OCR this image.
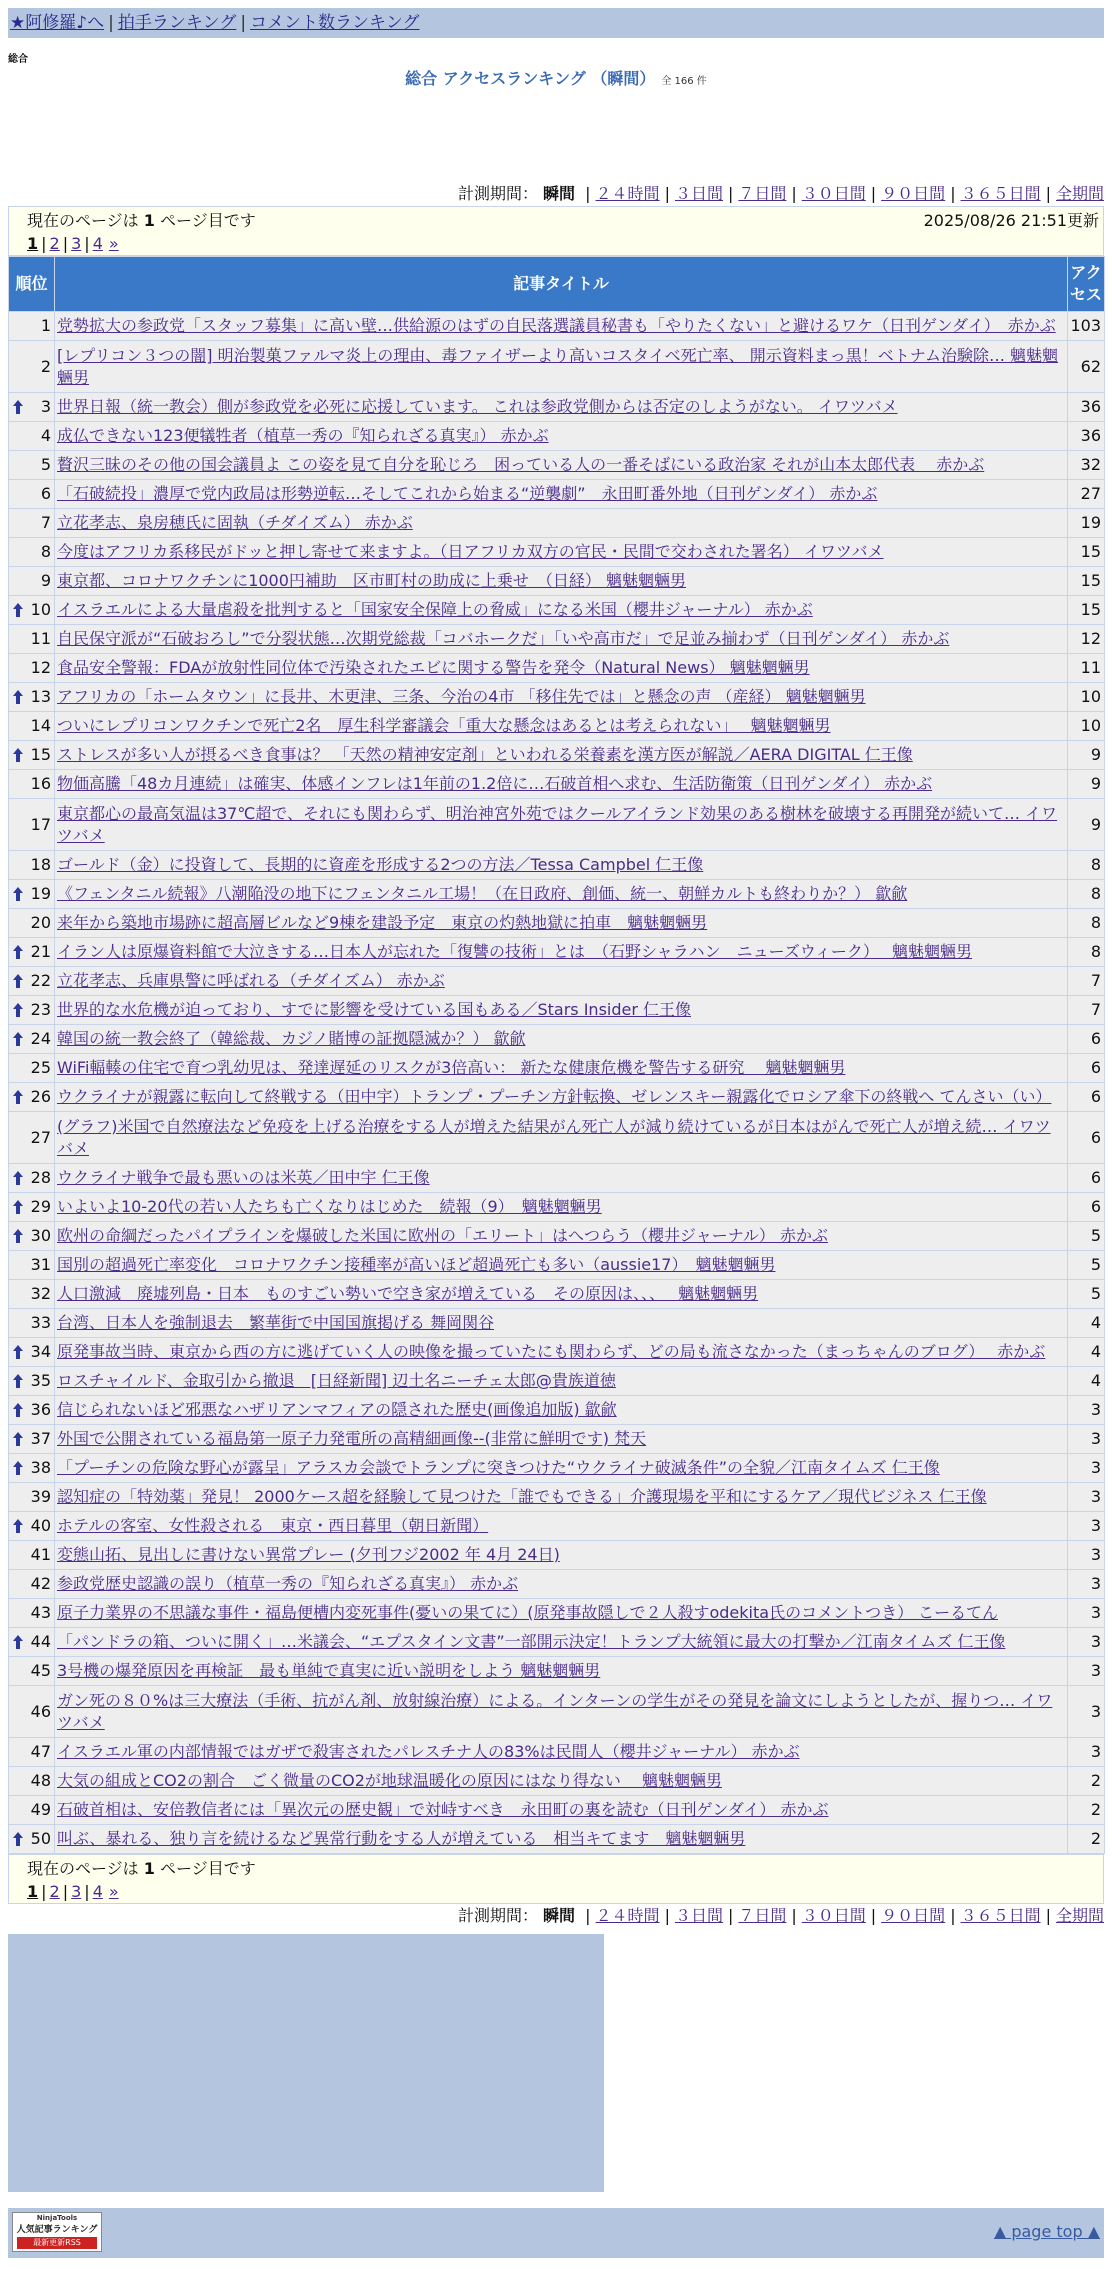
★阿修羅♪へ | 拍手ランキング | コメント数ランキング
総合
総合 アクセスランキング （瞬間） 全 166 件
計測期間： 瞬間 | ２４時間 | ３日間 | ７日間 | ３０日間 | ９０日間 | ３６５日間 | 全期間
現在のページは 1 ページ目です	2025/08/26 21:51更新
1 | 2 | 3 | 4 »
順位	記事タイトル	アクセス
1	党勢拡大の参政党「スタッフ募集」に高い壁…供給源のはずの自民落選議員秘書も「やりたくない」と避けるワケ（日刊ゲンダイ）　赤かぶ	103
2	[レプリコン３つの闇] 明治製菓ファルマ炎上の理由、毒ファイザーより高いコスタイベ死亡率、 開示資料まっ黒！ベトナム治験除… 魑魅魍魎男	62

3	世界日報（統一教会）側が参政党を必死に応援しています。 これは参政党側からは否定のしようがない。 イワツバメ	36
4	成仏できない123便犠牲者（植草一秀の『知られざる真実』） 赤かぶ	36
5	贅沢三昧のその他の国会議員よ この姿を見て自分を恥じろ　困っている人の一番そばにいる政治家 それが山本太郎代表　 赤かぶ	32
6	「石破続投」濃厚で党内政局は形勢逆転…そしてこれから始まる“逆襲劇”　永田町番外地（日刊ゲンダイ） 赤かぶ	27
7	立花孝志、泉房穂氏に固執（チダイズム） 赤かぶ	19
8	今度はアフリカ系移民がドッと押し寄せて来ますよ。（日アフリカ双方の官民・民間で交わされた署名） イワツバメ	15
9	東京都、コロナワクチンに1000円補助　区市町村の助成に上乗せ　（日経） 魑魅魍魎男	15

10	イスラエルによる大量虐殺を批判すると「国家安全保障上の脅威」になる米国（櫻井ジャーナル） 赤かぶ	15
11	自民保守派が“石破おろし”で分裂状態…次期党総裁「コバホークだ」「いや高市だ」で足並み揃わず（日刊ゲンダイ） 赤かぶ	12
12	食品安全警報：FDAが放射性同位体で汚染されたエビに関する警告を発令（Natural News） 魑魅魍魎男	11

13	アフリカの「ホームタウン」に長井、木更津、三条、今治の4市 「移住先では」と懸念の声 （産経） 魑魅魍魎男	10
14	ついにレプリコンワクチンで死亡2名　厚生科学審議会「重大な懸念はあるとは考えられない」　 魑魅魍魎男	10

15	ストレスが多い人が摂るべき食事は？ 「天然の精神安定剤」といわれる栄養素を漢方医が解説／AERA DIGITAL 仁王像	9
16	物価高騰「48カ月連続」は確実、体感インフレは1年前の1.2倍に…石破首相へ求む、生活防衛策（日刊ゲンダイ） 赤かぶ	9
17	東京都心の最高気温は37℃超で、それにも関わらず、明治神宮外苑ではクールアイランド効果のある樹林を破壊する再開発が続いて… イワツバメ	9
18	ゴールド（金）に投資して、長期的に資産を形成する2つの方法／Tessa Campbel 仁王像	8

19	《フェンタニル続報》八潮陥没の地下にフェンタニル工場！（在日政府、創価、統一、朝鮮カルトも終わりか？） 歙歈	8
20	来年から築地市場跡に超高層ビルなど9棟を建設予定　東京の灼熱地獄に拍車　魑魅魍魎男	8

21	イラン人は原爆資料館で大泣きする…日本人が忘れた「復讐の技術」とは　（石野シャラハン　ニューズウィーク）　 魑魅魍魎男	8

22	立花孝志、兵庫県警に呼ばれる（チダイズム） 赤かぶ	7

23	世界的な水危機が迫っており、すでに影響を受けている国もある／Stars Insider 仁王像	7

24	韓国の統一教会終了（韓総裁、カジノ賭博の証拠隠滅か？） 歙歈	6
25	WiFi輻輳の住宅で育つ乳幼児は、発達遅延のリスクが3倍高い： 新たな健康危機を警告する研究　 魑魅魍魎男	6

26	ウクライナが親露に転向して終戦する（田中宇）トランプ・プーチン方針転換、ゼレンスキー親露化でロシア傘下の終戦へ てんさい（い）	6
27	(グラフ)米国で自然療法など免疫を上げる治療をする人が増えた結果がん死亡人が減り続けているが日本はがんで死亡人が増え続… イワツバメ	6

28	ウクライナ戦争で最も悪いのは米英／田中宇 仁王像	6

29	いよいよ10-20代の若い人たちも亡くなりはじめた　続報（9）　魑魅魍魎男	6

30	欧州の命綱だったパイプラインを爆破した米国に欧州の「エリート」はへつらう（櫻井ジャーナル） 赤かぶ	5
31	国別の超過死亡率変化　コロナワクチン接種率が高いほど超過死亡も多い（aussie17）　魑魅魍魎男	5
32	人口激減　廃墟列島・日本　ものすごい勢いで空き家が増えている　その原因は、、、　 魑魅魍魎男	5
33	台湾、日本人を強制退去　繁華街で中国国旗掲げる 舞岡関谷	4

34	原発事故当時、東京から西の方に逃げていく人の映像を撮っていたにも関わらず、どの局も流さなかった（まっちゃんのブログ）　 赤かぶ	4

35	ロスチャイルド、金取引から撤退　[日経新聞] 辺土名ニーチェ太郎@貴族道徳	4

36	信じられないほど邪悪なハザリアンマフィアの隠された歴史(画像追加版) 歙歈	3

37	外国で公開されている福島第一原子力発電所の高精細画像--(非常に鮮明です) 梵天	3

38	「プーチンの危険な野心が露呈」アラスカ会談でトランプに突きつけた“ウクライナ破滅条件”の全貌／江南タイムズ 仁王像	3
39	認知症の「特効薬」発見！ 2000ケース超を経験して見つけた「誰でもできる」介護現場を平和にするケア／現代ビジネス 仁王像	3

40	ホテルの客室、女性殺される　東京・西日暮里（朝日新聞）	3
41	変態山拓、見出しに書けない異常プレー (夕刊フジ2002 年 4月 24日)	3
42	参政党歴史認識の誤り（植草一秀の『知られざる真実』） 赤かぶ	3
43	原子力業界の不思議な事件・福島便槽内変死事件(憂いの果てに）(原発事故隠しで２人殺すodekita氏のコメントつき） こーるてん	3

44	「パンドラの箱、ついに開く」…米議会、“エプスタイン文書”一部開示決定！トランプ大統領に最大の打撃か／江南タイムズ 仁王像	3
45	3号機の爆発原因を再検証　最も単純で真実に近い説明をしよう 魑魅魍魎男	3
46	ガン死の８０%は三大療法（手術、抗がん剤、放射線治療）による。インターンの学生がその発見を論文にしようとしたが、握りつ… イワツバメ	3
47	イスラエル軍の内部情報ではガザで殺害されたパレスチナ人の83%は民間人（櫻井ジャーナル） 赤かぶ	3
48	大気の組成とCO2の割合　ごく微量のCO2が地球温暖化の原因にはなり得ない　 魑魅魍魎男	2
49	石破首相は、安倍教信者には「異次元の歴史観」で対峙すべき　永田町の裏を読む（日刊ゲンダイ） 赤かぶ	2

50	叫ぶ、暴れる、独り言を続けるなど異常行動をする人が増えている　相当キてます　魑魅魍魎男	2
現在のページは 1 ページ目です
1 | 2 | 3 | 4 »
計測期間： 瞬間 | ２４時間 | ３日間 | ７日間 | ３０日間 | ９０日間 | ３６５日間 | 全期間
NinjaTools
人気記事ランキング
最新更新RSS
▲ page top ▲
